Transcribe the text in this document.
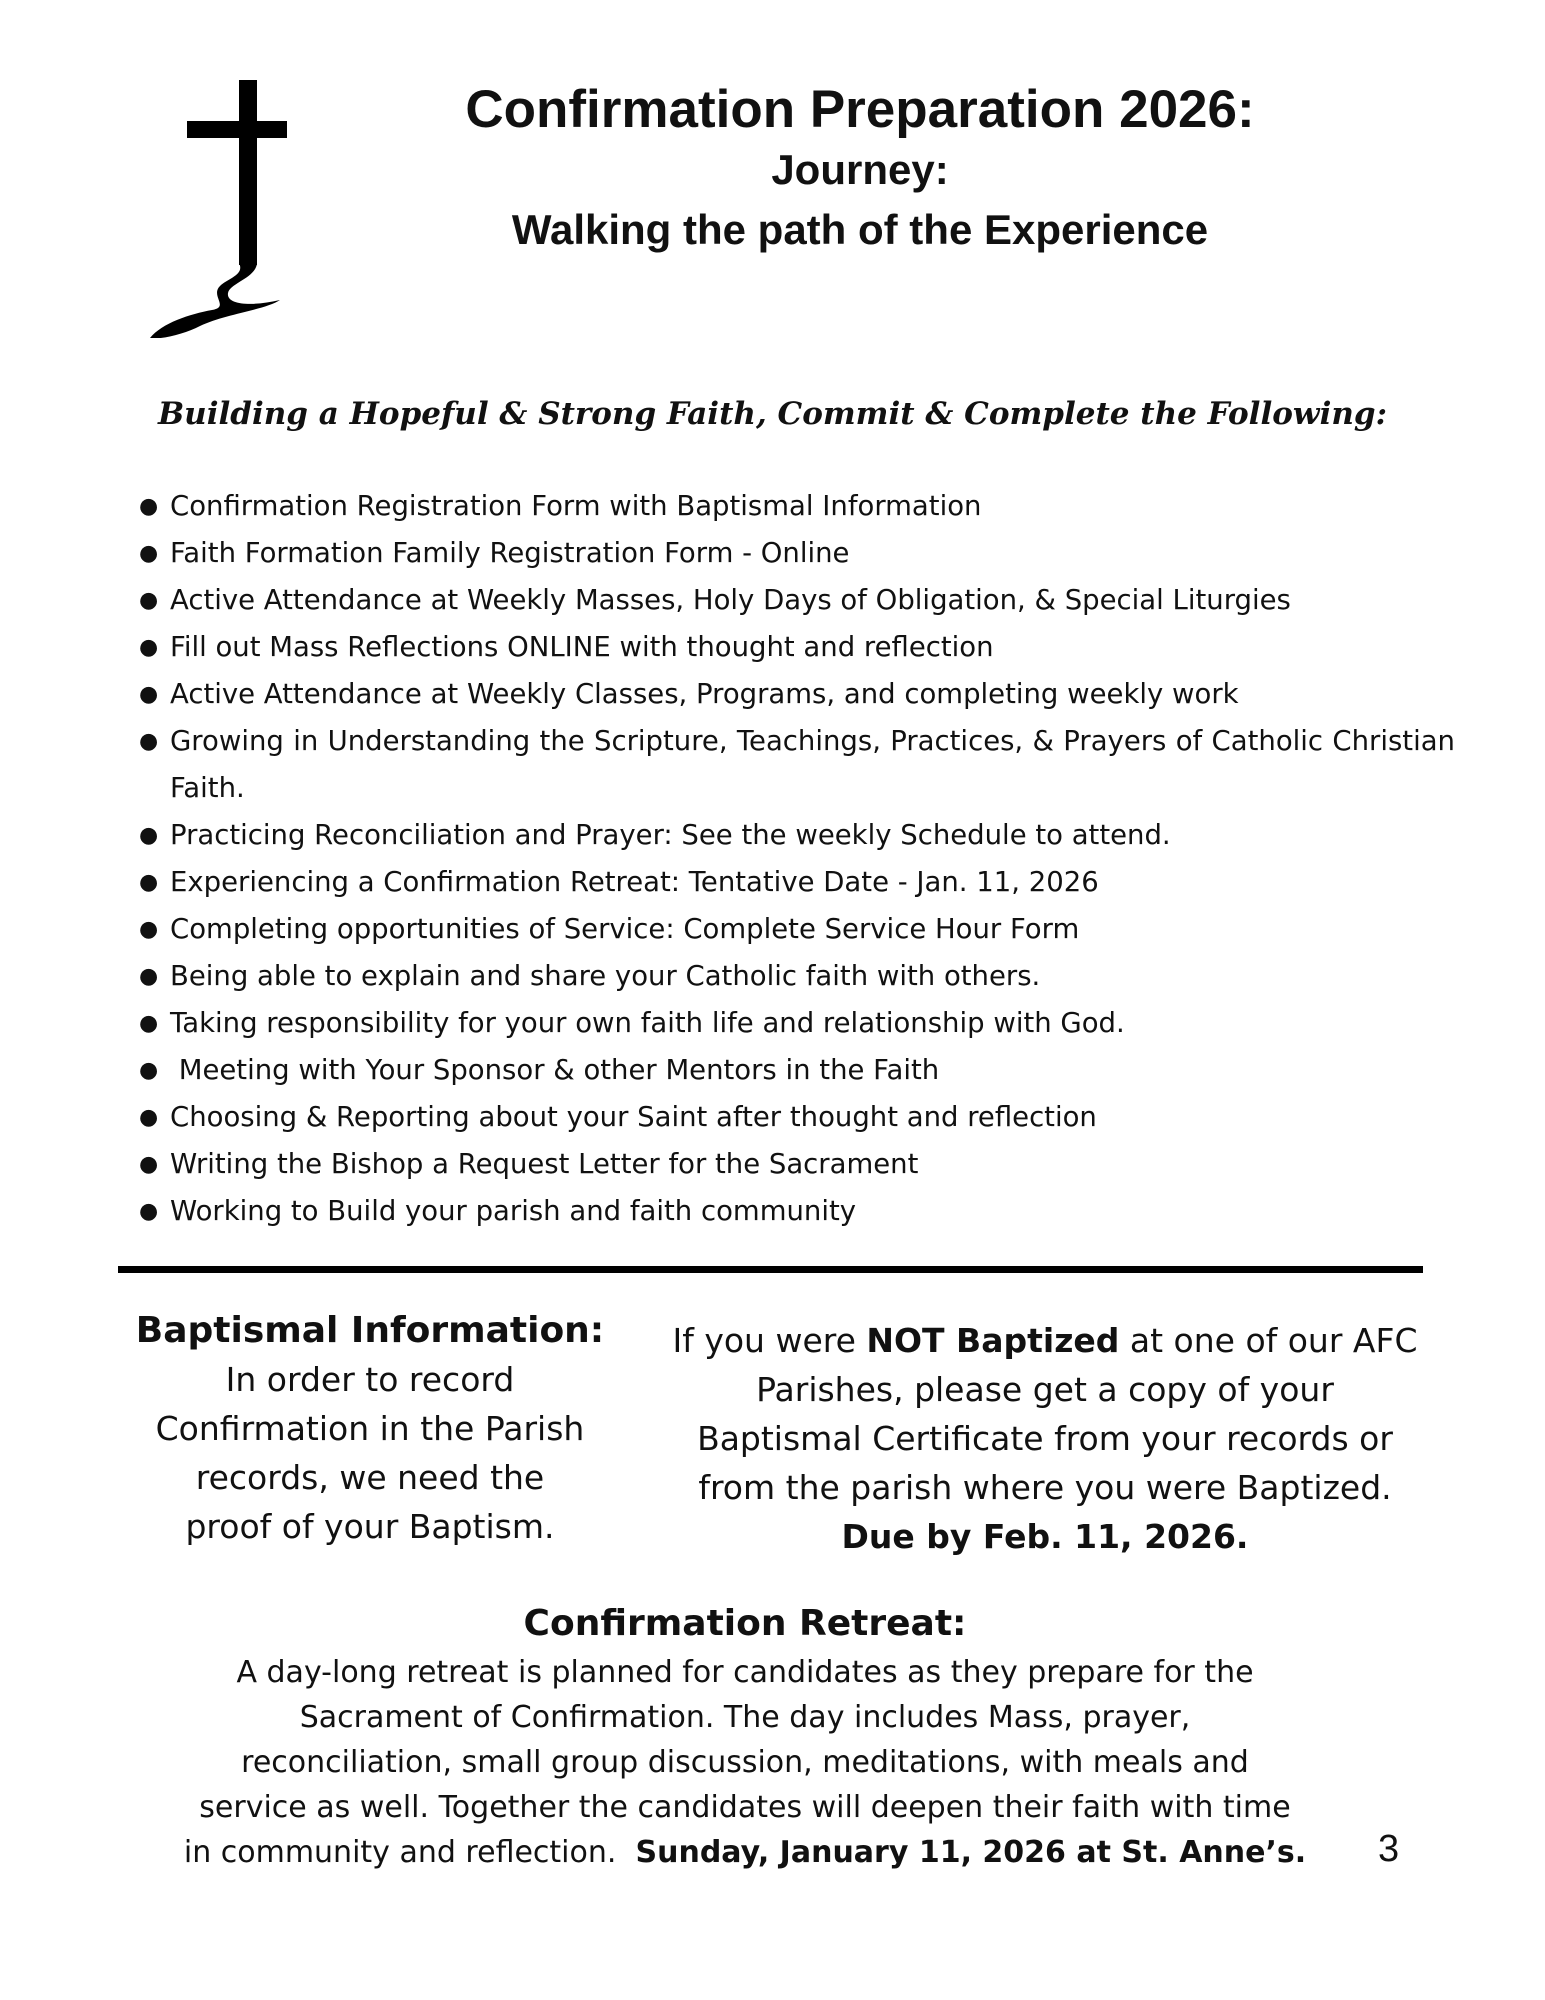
Confirmation Preparation 2026:
Journey:
Walking the path of the Experience
Building a Hopeful & Strong Faith, Commit & Complete the Following:
● Confirmation Registration Form with Baptismal Information
● Faith Formation Family Registration Form - Online
● Active Attendance at Weekly Masses, Holy Days of Obligation, & Special Liturgies
● Fill out Mass Reflections ONLINE with thought and reflection
● Active Attendance at Weekly Classes, Programs, and completing weekly work
● Growing in Understanding the Scripture, Teachings, Practices, & Prayers of Catholic Christian Faith.
● Practicing Reconciliation and Prayer: See the weekly Schedule to attend.
● Experiencing a Confirmation Retreat: Tentative Date - Jan. 11, 2026
● Completing opportunities of Service: Complete Service Hour Form
● Being able to explain and share your Catholic faith with others.
● Taking responsibility for your own faith life and relationship with God.
● Meeting with Your Sponsor & other Mentors in the Faith
● Choosing & Reporting about your Saint after thought and reflection
● Writing the Bishop a Request Letter for the Sacrament
● Working to Build your parish and faith community
Baptismal Information:
In order to record
Confirmation in the Parish
records, we need the
proof of your Baptism.
If you were NOT Baptized at one of our AFC
Parishes, please get a copy of your
Baptismal Certificate from your records or
from the parish where you were Baptized.
Due by Feb. 11, 2026.
Confirmation Retreat:
A day-long retreat is planned for candidates as they prepare for the
Sacrament of Confirmation. The day includes Mass, prayer,
reconciliation, small group discussion, meditations, with meals and
service as well. Together the candidates will deepen their faith with time
in community and reflection.  Sunday, January 11, 2026 at St. Anne’s.	3
